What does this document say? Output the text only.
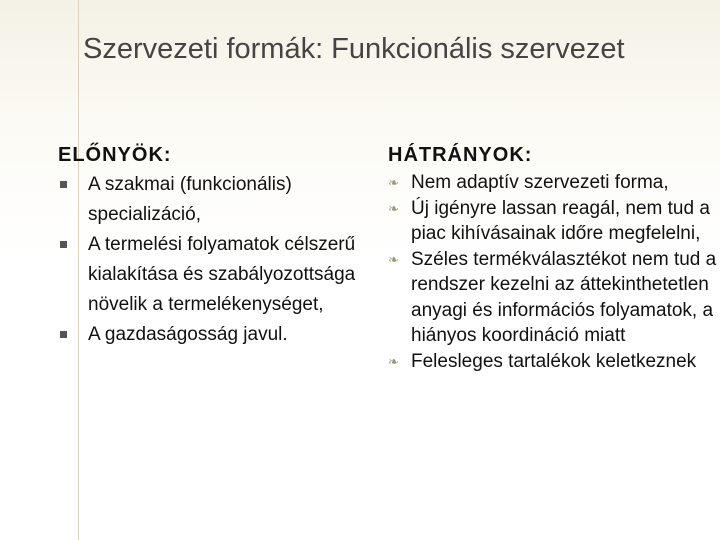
Szervezeti formák: Funkcionális szervezet
ELŐNYÖK:
A szakmai (funkcionális) specializáció,
A termelési folyamatok célszerű kialakítása és szabályozottsága növelik a termelékenységet,
A gazdaságosság javul.
HÁTRÁNYOK:
❧ Nem adaptív szervezeti forma,
❧ Új igényre lassan reagál, nem tud a piac kihívásainak időre megfelelni,
❧ Széles termékválasztékot nem tud a rendszer kezelni az áttekinthetetlen anyagi és információs folyamatok, a hiányos koordináció miatt
❧ Felesleges tartalékok keletkeznek
